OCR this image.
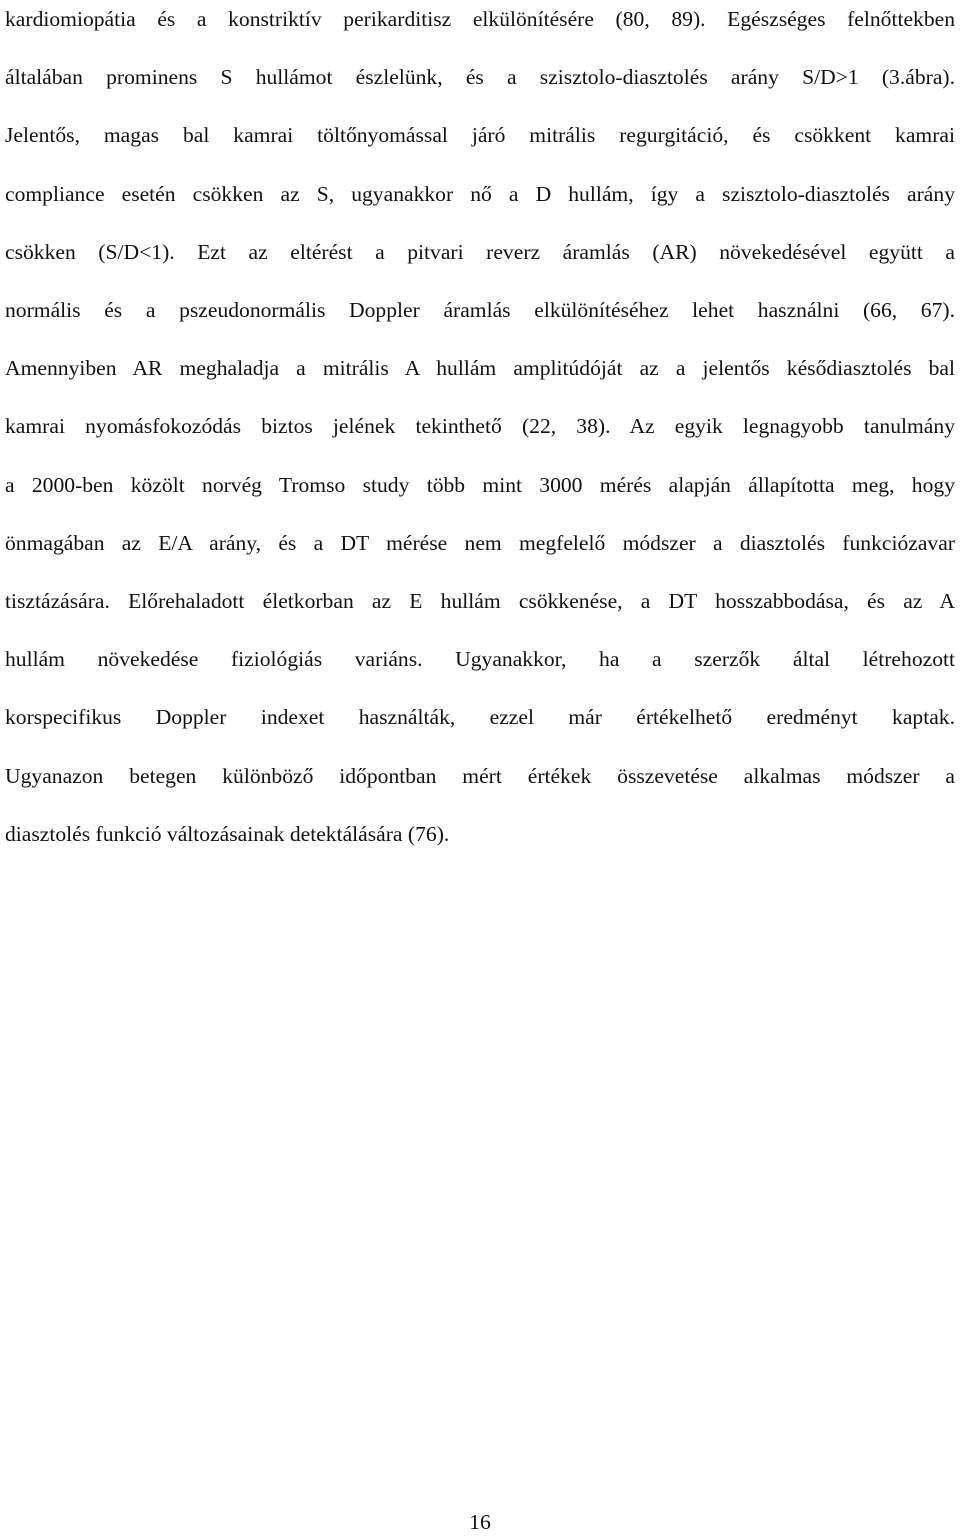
kardiomiopátia és a konstriktív perikarditisz elkülönítésére (80, 89). Egészséges felnőttekben
általában prominens S hullámot észlelünk, és a szisztolo-diasztolés arány S/D>1 (3.ábra).
Jelentős, magas bal kamrai töltőnyomással járó mitrális regurgitáció, és csökkent kamrai
compliance esetén csökken az S, ugyanakkor nő a D hullám, így a szisztolo-diasztolés arány
csökken (S/D<1). Ezt az eltérést a pitvari reverz áramlás (AR) növekedésével együtt a
normális és a pszeudonormális Doppler áramlás elkülönítéséhez lehet használni (66, 67).
Amennyiben AR meghaladja a mitrális A hullám amplitúdóját az a jelentős késődiasztolés bal
kamrai nyomásfokozódás biztos jelének tekinthető (22, 38). Az egyik legnagyobb tanulmány
a 2000-ben közölt norvég Tromso study több mint 3000 mérés alapján állapította meg, hogy
önmagában az E/A arány, és a DT mérése nem megfelelő módszer a diasztolés funkciózavar
tisztázására. Előrehaladott életkorban az E hullám csökkenése, a DT hosszabbodása, és az A
hullám növekedése fiziológiás variáns. Ugyanakkor, ha a szerzők által létrehozott
korspecifikus Doppler indexet használták, ezzel már értékelhető eredményt kaptak.
Ugyanazon betegen különböző időpontban mért értékek összevetése alkalmas módszer a
diasztolés funkció változásainak detektálására (76).

16
